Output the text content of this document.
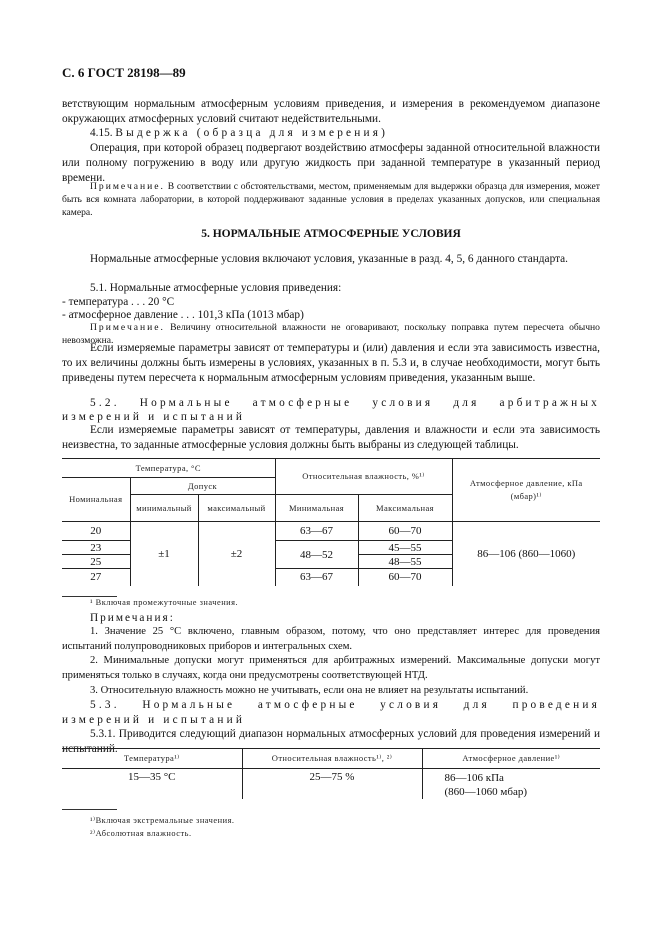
С. 6 ГОСТ 28198—89

ветствующим нормальным атмосферным условиям приведения, и измерения в рекомендуемом диапазоне окружающих атмосферных условий считают недействительными.

4.15. Выдержка (образца для измерения)

Операция, при которой образец подвергают воздействию атмосферы заданной относительной влажности или полному погружению в воду или другую жидкость при заданной температуре в указанный период времени.

Примечание. В соответствии с обстоятельствами, местом, применяемым для выдержки образца для измерения, может быть вся комната лаборатории, в которой поддерживают заданные условия в пределах указанных допусков, или специальная камера.

5. НОРМАЛЬНЫЕ АТМОСФЕРНЫЕ УСЛОВИЯ

Нормальные атмосферные условия включают условия, указанные в разд. 4, 5, 6 данного стандарта.

5.1. Нормальные атмосферные условия приведения:

- температура . . . 20 °C

- атмосферное давление . . . 101,3 кПа (1013 мбар)

Примечание. Величину относительной влажности не оговаривают, поскольку поправка путем пересчета обычно невозможна.

Если измеряемые параметры зависят от температуры и (или) давления и если эта зависимость известна, то их величины должны быть измерены в условиях, указанных в п. 5.3 и, в случае необходимости, могут быть приведены путем пересчета к нормальным атмосферным условиям приведения, указанным выше.

5.2. Нормальные атмосферные условия для арбитражных

измерений и испытаний

Если измеряемые параметры зависят от температуры, давления и влажности и если эта зависимость неизвестна, то заданные атмосферные условия должны быть выбраны из следующей таблицы.

Температура, °C			Относительная влажность, %¹⁾		Атмосферное давление, кПа (мбар)¹⁾
Номинальная	Допуск				
	минимальный	максимальный	Минимальная	Максимальная	
20	±1	±2	63—67	60—70	86—106 (860—1060)
23			48—52	45—55	
25				48—55	
27			63—67	60—70	
¹ Включая промежуточные значения.

Примечания:

1. Значение 25 °C включено, главным образом, потому, что оно представляет интерес для проведения испытаний полупроводниковых приборов и интегральных схем.

2. Минимальные допуски могут применяться для арбитражных измерений. Максимальные допуски могут применяться только в случаях, когда они предусмотрены соответствующей НТД.

3. Относительную влажность можно не учитывать, если она не влияет на результаты испытаний.

5.3. Нормальные атмосферные условия для проведения измерений и испытаний

5.3.1. Приводится следующий диапазон нормальных атмосферных условий для проведения измерений и испытаний.

Температура¹⁾	Относительная влажность¹⁾, ²⁾	Атмосферное давление¹⁾
15—35 °C	25—75 %	86—106 кПа
(860—1060 мбар)
¹⁾Включая экстремальные значения.
²⁾Абсолютная влажность.
